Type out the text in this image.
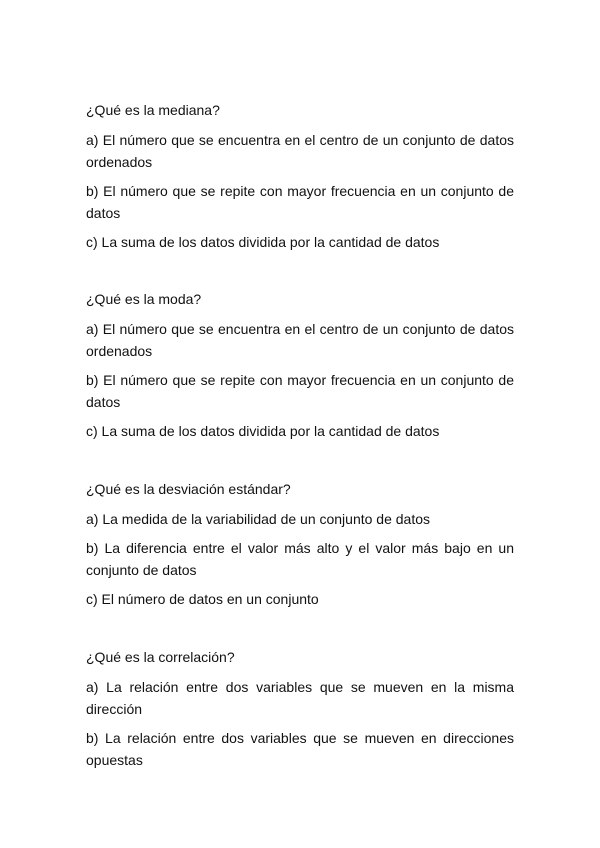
¿Qué es la mediana?

a) El número que se encuentra en el centro de un conjunto de datos ordenados
b) El número que se repite con mayor frecuencia en un conjunto de datos
c) La suma de los datos dividida por la cantidad de datos

¿Qué es la moda?

a) El número que se encuentra en el centro de un conjunto de datos ordenados
b) El número que se repite con mayor frecuencia en un conjunto de datos
c) La suma de los datos dividida por la cantidad de datos

¿Qué es la desviación estándar?

a) La medida de la variabilidad de un conjunto de datos
b) La diferencia entre el valor más alto y el valor más bajo en un conjunto de datos
c) El número de datos en un conjunto

¿Qué es la correlación?

a) La relación entre dos variables que se mueven en la misma dirección
b) La relación entre dos variables que se mueven en direcciones opuestas
